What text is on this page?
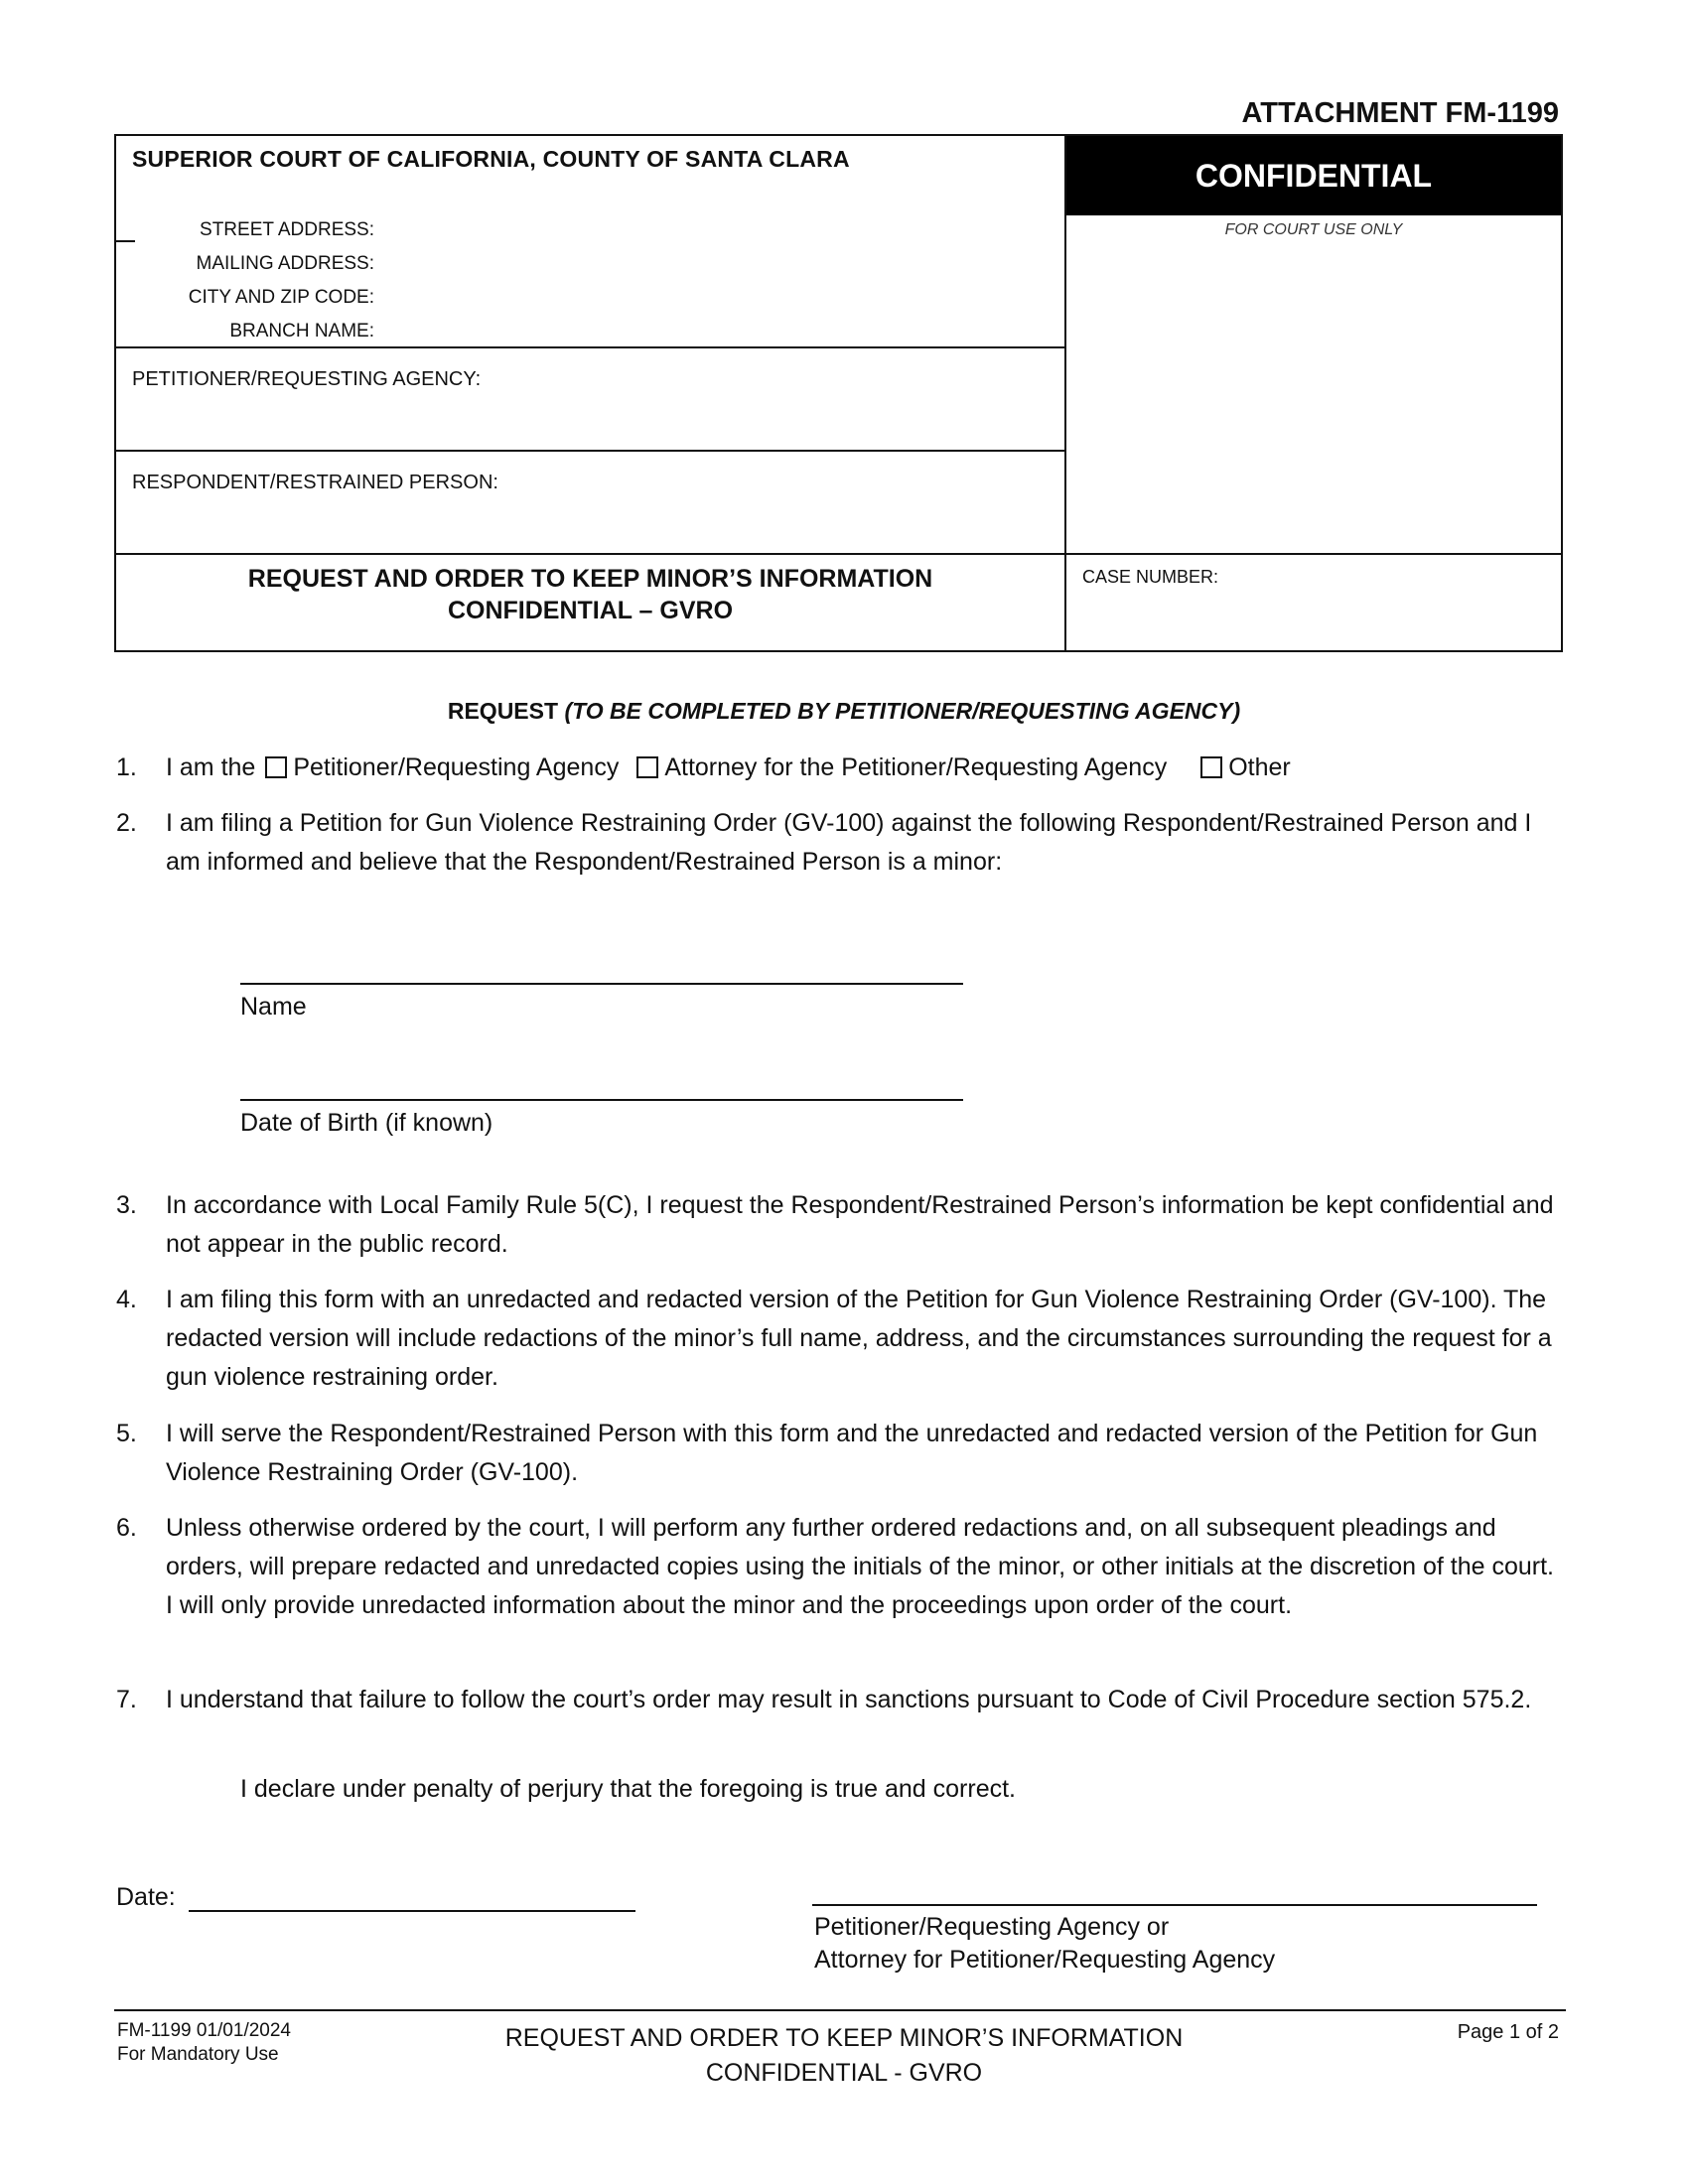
ATTACHMENT FM-1199
SUPERIOR COURT OF CALIFORNIA, COUNTY OF SANTA CLARA
STREET ADDRESS:
MAILING ADDRESS:
CITY AND ZIP CODE:
BRANCH NAME:
PETITIONER/REQUESTING AGENCY:
RESPONDENT/RESTRAINED PERSON:
CONFIDENTIAL
FOR COURT USE ONLY
REQUEST AND ORDER TO KEEP MINOR’S INFORMATION
CONFIDENTIAL – GVRO
CASE NUMBER:
REQUEST (TO BE COMPLETED BY PETITIONER/REQUESTING AGENCY)
1.	I am the Petitioner/Requesting Agency Attorney for the Petitioner/Requesting Agency Other
2.	I am filing a Petition for Gun Violence Restraining Order (GV-100) against the following Respondent/Restrained Person and I am informed and believe that the Respondent/Restrained Person is a minor:
Name
Date of Birth (if known)
3.	In accordance with Local Family Rule 5(C), I request the Respondent/Restrained Person’s information be kept confidential and not appear in the public record.
4.	I am filing this form with an unredacted and redacted version of the Petition for Gun Violence Restraining Order (GV-100). The redacted version will include redactions of the minor’s full name, address, and the circumstances surrounding the request for a gun violence restraining order.
5.	I will serve the Respondent/Restrained Person with this form and the unredacted and redacted version of the Petition for Gun Violence Restraining Order (GV-100).
6.	Unless otherwise ordered by the court, I will perform any further ordered redactions and, on all subsequent pleadings and orders, will prepare redacted and unredacted copies using the initials of the minor, or other initials at the discretion of the court. I will only provide unredacted information about the minor and the proceedings upon order of the court.
7.	I understand that failure to follow the court’s order may result in sanctions pursuant to Code of Civil Procedure section 575.2.
I declare under penalty of perjury that the foregoing is true and correct.
Date:
Petitioner/Requesting Agency or
Attorney for Petitioner/Requesting Agency
FM-1199 01/01/2024
For Mandatory Use
REQUEST AND ORDER TO KEEP MINOR’S INFORMATION
CONFIDENTIAL - GVRO
Page 1 of 2
